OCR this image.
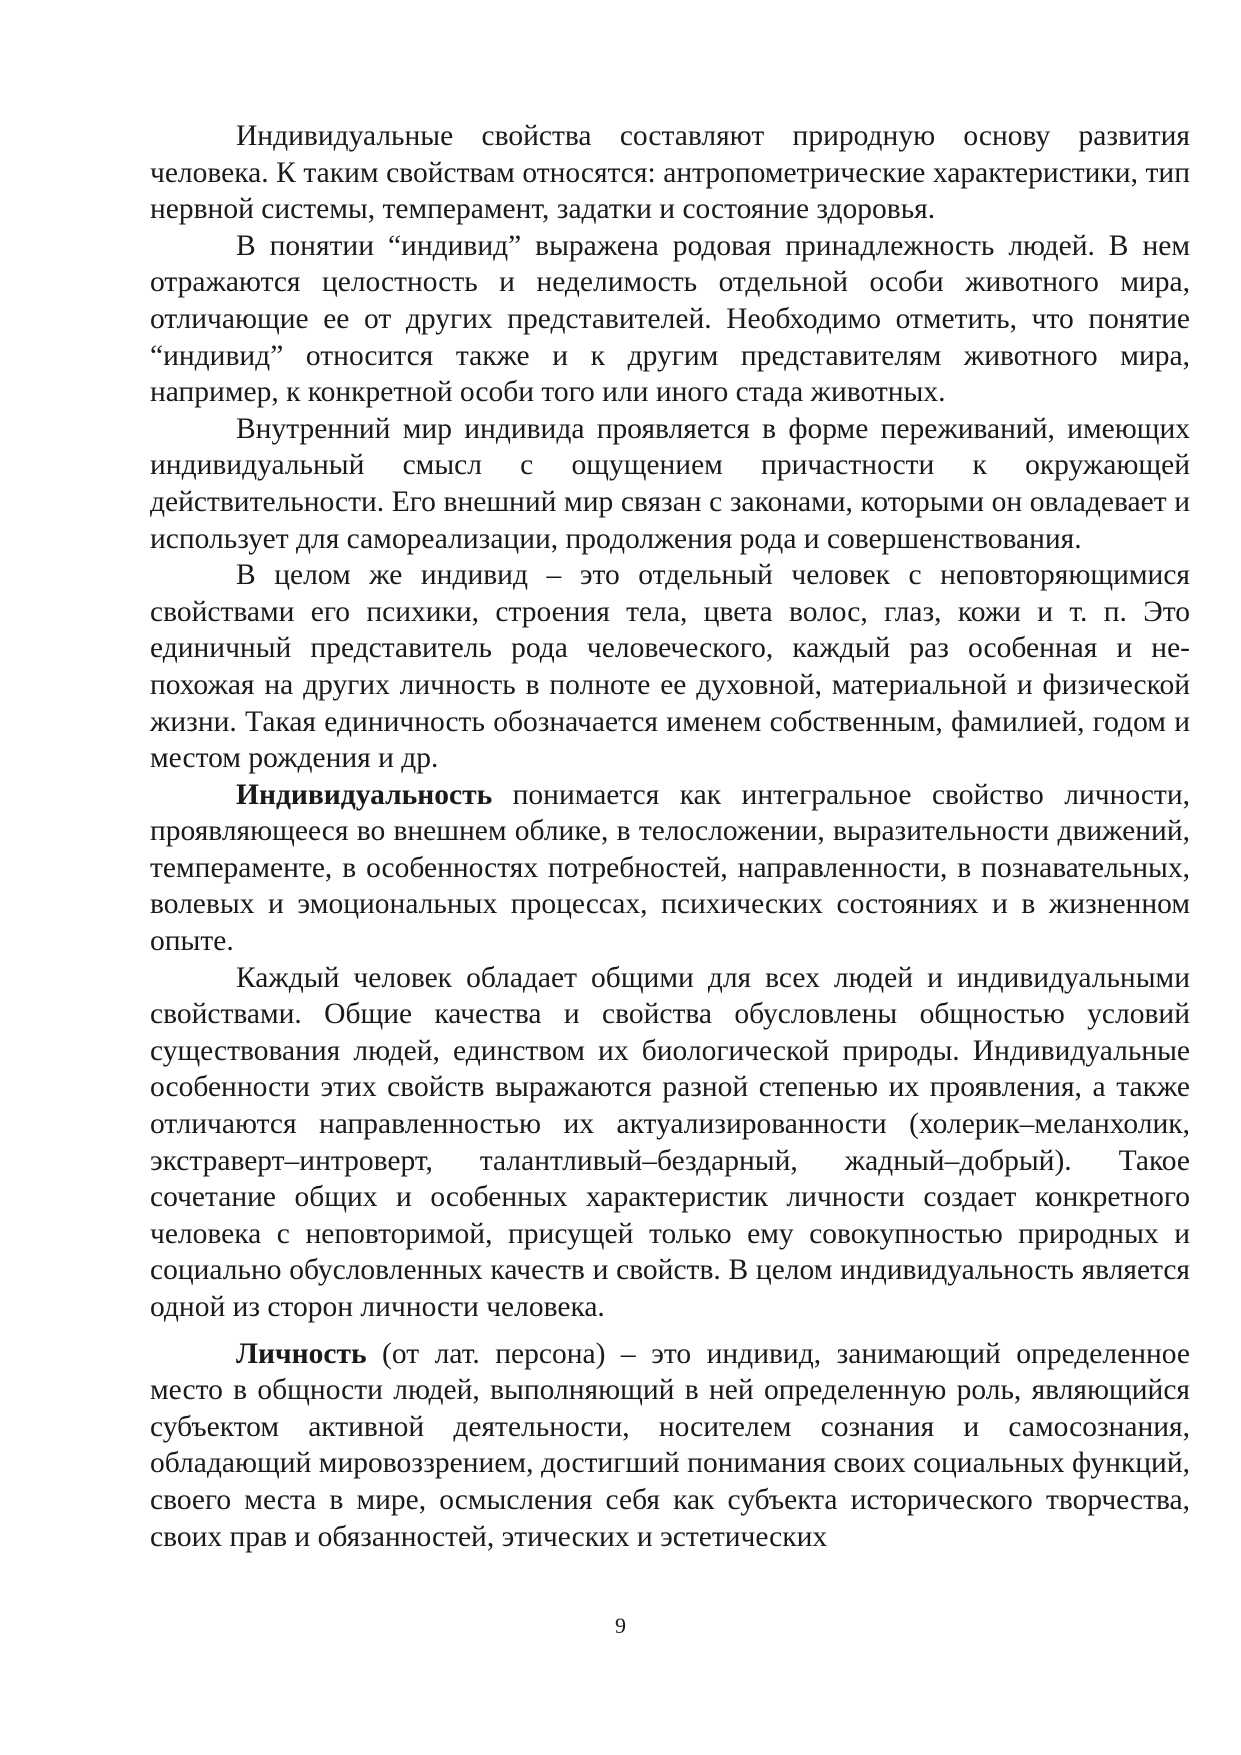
Индивидуальные свойства составляют природную основу развития человека. К таким свойствам относятся: антропометрические характеристики, тип нервной системы, темперамент, задатки и состояние здоровья.

В понятии “индивид” выражена родовая принадлежность людей. В нем отражаются целостность и неделимость отдельной особи животного мира, отличающие ее от других представителей. Необходимо отметить, что понятие “индивид” относится также и к другим представителям животного мира, например, к конкретной особи того или иного стада животных.

Внутренний мир индивида проявляется в форме переживаний, имеющих индивидуальный смысл с ощущением причастности к окружающей действительности. Его внешний мир связан с законами, которыми он овладевает и использует для самореализации, продолжения рода и совершенствования.

В целом же индивид – это отдельный человек с неповторяющимися свойствами его психики, строения тела, цвета волос, глаз, кожи и т. п. Это единичный представитель рода человеческого, каждый раз особенная и непохожая на других личность в полноте ее духовной, материальной и физической жизни. Такая единичность обозначается именем собственным, фамилией, годом и местом рождения и др.

Индивидуальность понимается как интегральное свойство личности, проявляющееся во внешнем облике, в телосложении, выразительности движений, темпераменте, в особенностях потребностей, направленности, в познавательных, волевых и эмоциональных процессах, психических состояниях и в жизненном опыте.

Каждый человек обладает общими для всех людей и индивидуальными свойствами. Общие качества и свойства обусловлены общностью условий существования людей, единством их биологической природы. Индивидуальные особенности этих свойств выражаются разной степенью их проявления, а также отличаются направленностью их актуализированности (холерик–меланхолик, экстраверт–интроверт, талантливый–бездарный, жадный–добрый). Такое сочетание общих и особенных характеристик личности создает конкретного человека с неповторимой, присущей только ему совокупностью природных и социально обусловленных качеств и свойств. В целом индивидуальность является одной из сторон личности человека.

Личность (от лат. персона) – это индивид, занимающий определенное место в общности людей, выполняющий в ней определенную роль, являющийся субъектом активной деятельности, носителем сознания и самосознания, обладающий мировоззрением, достигший понимания своих социальных функций, своего места в мире, осмысления себя как субъекта исторического творчества, своих прав и обязанностей, этических и эстетических

9
